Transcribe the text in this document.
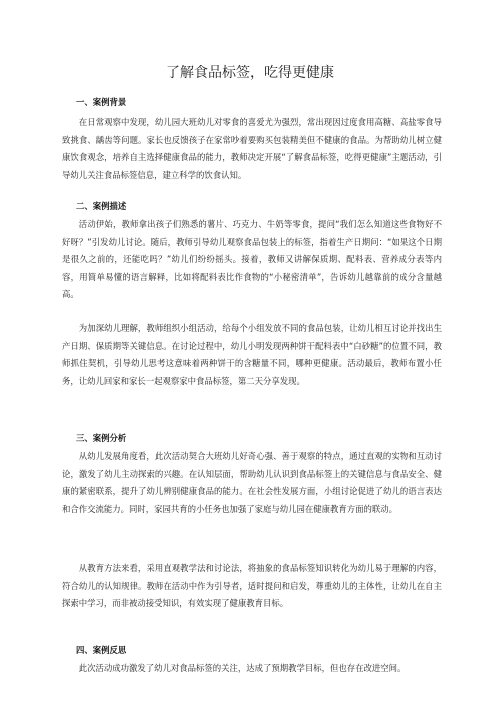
了解食品标签，吃得更健康
一、案例背景
在日常观察中发现，幼儿园大班幼儿对零食的喜爱尤为强烈，常出现因过度食用高糖、高盐零食导致挑食、龋齿等问题。家长也反馈孩子在家常吵着要购买包装精美但不健康的食品。为帮助幼儿树立健康饮食观念，培养自主选择健康食品的能力，教师决定开展“了解食品标签，吃得更健康”主题活动，引导幼儿关注食品标签信息，建立科学的饮食认知。
二、案例描述
活动伊始，教师拿出孩子们熟悉的薯片、巧克力、牛奶等零食，提问“我们怎么知道这些食物好不好呀？”引发幼儿讨论。随后，教师引导幼儿观察食品包装上的标签，指着生产日期问：“如果这个日期是很久之前的，还能吃吗？”幼儿们纷纷摇头。接着，教师又讲解保质期、配料表、营养成分表等内容，用简单易懂的语言解释，比如将配料表比作食物的“小秘密清单”，告诉幼儿越靠前的成分含量越高。
为加深幼儿理解，教师组织小组活动，给每个小组发放不同的食品包装，让幼儿相互讨论并找出生产日期、保质期等关键信息。在讨论过程中，幼儿小明发现两种饼干配料表中“白砂糖”的位置不同，教师抓住契机，引导幼儿思考这意味着两种饼干的含糖量不同，哪种更健康。活动最后，教师布置小任务，让幼儿回家和家长一起观察家中食品标签，第二天分享发现。
三、案例分析
从幼儿发展角度看，此次活动契合大班幼儿好奇心强、善于观察的特点，通过直观的实物和互动讨论，激发了幼儿主动探索的兴趣。在认知层面，帮助幼儿认识到食品标签上的关键信息与食品安全、健康的紧密联系，提升了幼儿辨别健康食品的能力。在社会性发展方面，小组讨论促进了幼儿的语言表达和合作交流能力。同时，家园共育的小任务也加强了家庭与幼儿园在健康教育方面的联动。
从教育方法来看，采用直观教学法和讨论法，将抽象的食品标签知识转化为幼儿易于理解的内容，符合幼儿的认知规律。教师在活动中作为引导者，适时提问和启发，尊重幼儿的主体性，让幼儿在自主探索中学习，而非被动接受知识，有效实现了健康教育目标。
四、案例反思
此次活动成功激发了幼儿对食品标签的关注，达成了预期教学目标，但也存在改进空间。
